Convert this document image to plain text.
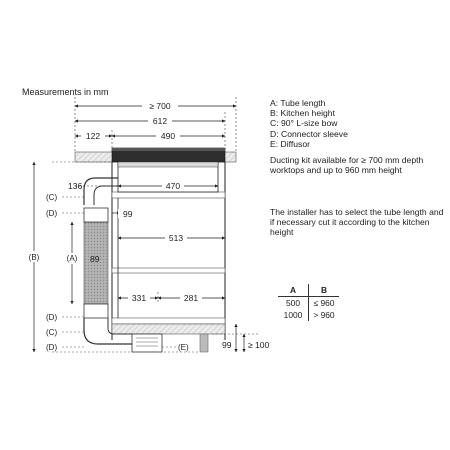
Measurements in mm
≥ 700
612
122	490
(B)	(A)
(C)
(D)
(D)
(C)
(D)
136	470
99
89
513
331	281
(E)	99 ≥ 100
A: Tube length
B: Kitchen height
C: 90° L-size bow
D: Connector sleeve
E: Diffusor
Ducting kit available for ≥ 700 mm depth worktops and up to 960 mm height
The installer has to select the tube length and if necessary cut it according to the kitchen height
A	B
500	≤ 960
1000	> 960
